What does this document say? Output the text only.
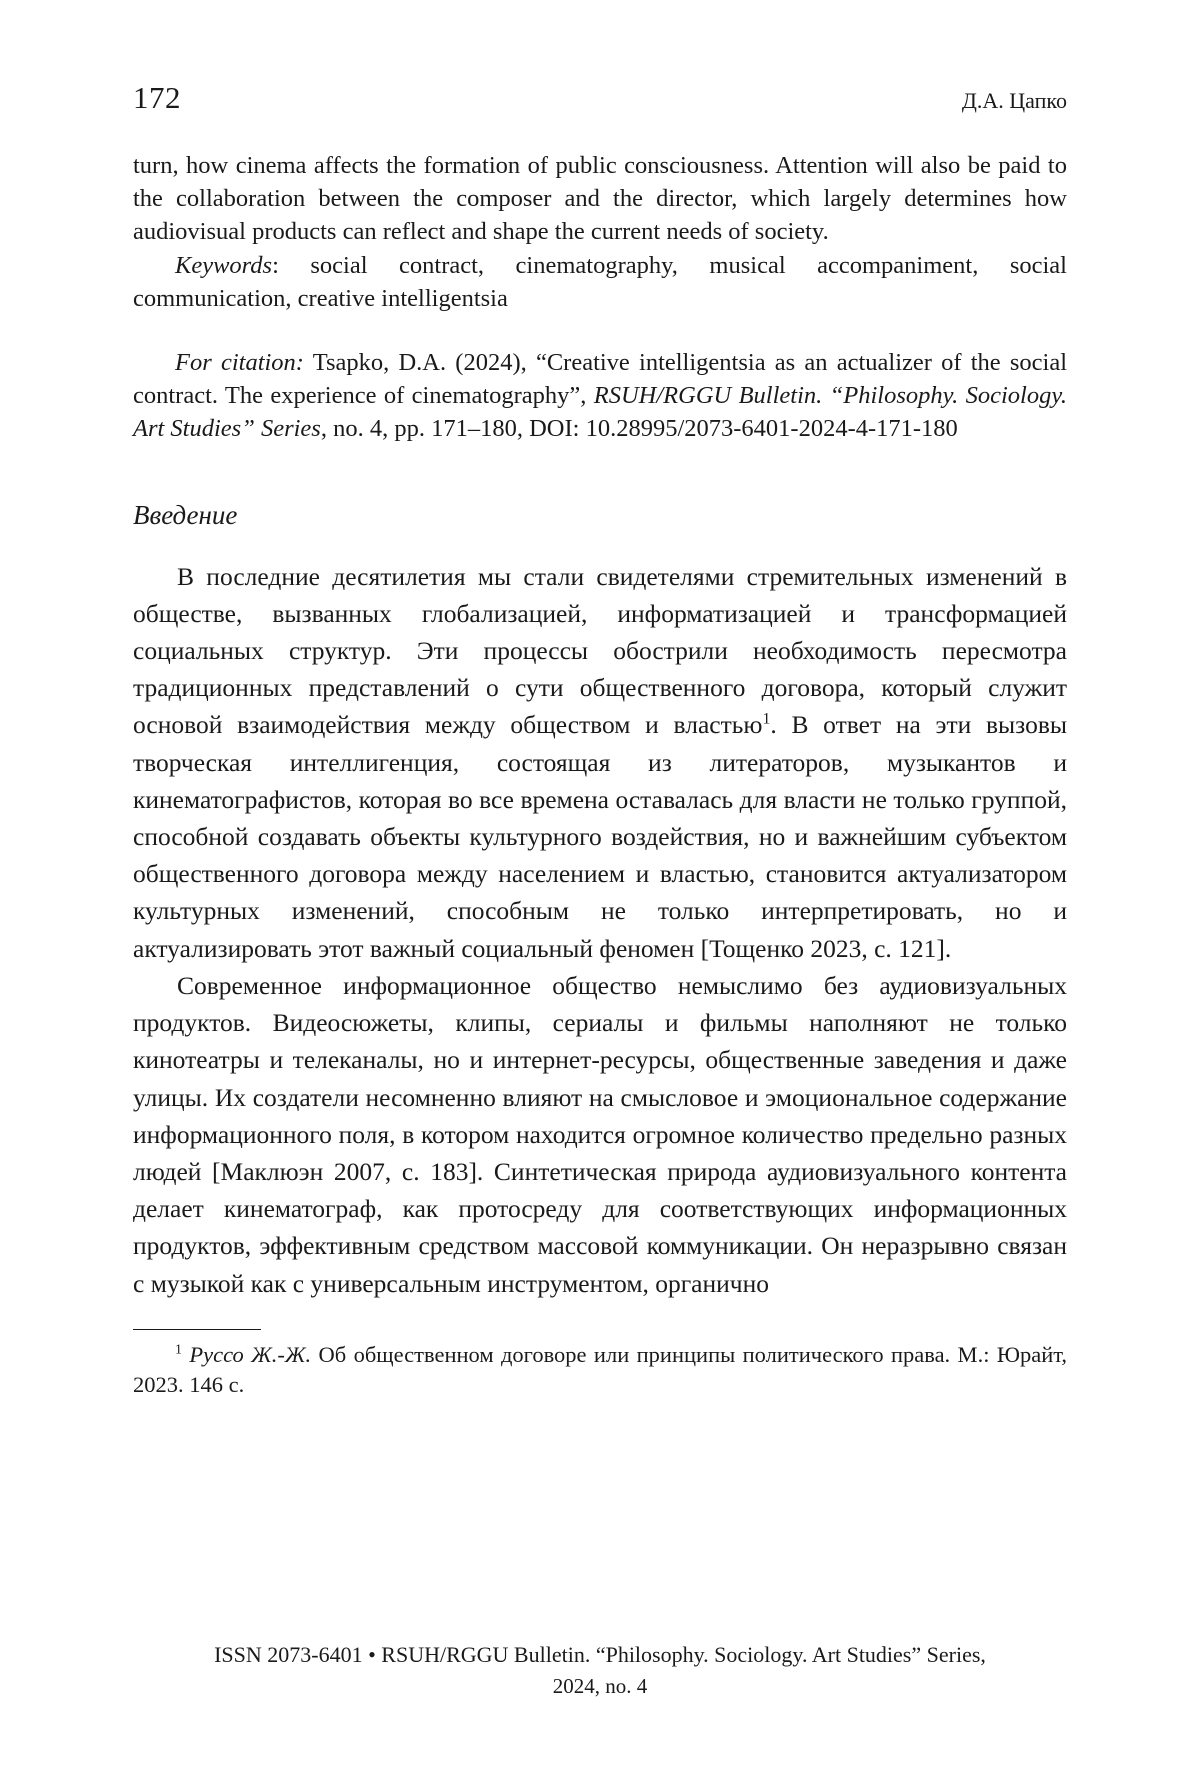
172	Д.А. Цапко

turn, how cinema affects the formation of public consciousness. Attention will also be paid to the collaboration between the composer and the director, which largely determines how audiovisual products can reflect and shape the current needs of society.

Keywords: social contract, cinematography, musical accompaniment, social communication, creative intelligentsia

For citation: Tsapko, D.A. (2024), “Creative intelligentsia as an actualizer of the social contract. The experience of cinematography”, RSUH/RGGU Bulletin. “Philosophy. Sociology. Art Studies” Series, no. 4, pp. 171–180, DOI: 10.28995/2073-6401-2024-4-171-180
Введение

В последние десятилетия мы стали свидетелями стремительных изменений в обществе, вызванных глобализацией, информатизацией и трансформацией социальных структур. Эти процессы обострили необходимость пересмотра традиционных представлений о сути общественного договора, который служит основой взаимодействия между обществом и властью$^1$. В ответ на эти вызовы творческая интеллигенция, состоящая из литераторов, музыкантов и кинематографистов, которая во все времена оставалась для власти не только группой, способной создавать объекты культурного воздействия, но и важнейшим субъектом общественного договора между населением и властью, становится актуализатором культурных изменений, способным не только интерпретировать, но и актуализировать этот важный социальный феномен [Тощенко 2023, с. 121].

Современное информационное общество немыслимо без аудиовизуальных продуктов. Видеосюжеты, клипы, сериалы и фильмы наполняют не только кинотеатры и телеканалы, но и интернет-ресурсы, общественные заведения и даже улицы. Их создатели несомненно влияют на смысловое и эмоциональное содержание информационного поля, в котором находится огромное количество предельно разных людей [Маклюэн 2007, с. 183]. Синтетическая природа аудиовизуального контента делает кинематограф, как протосреду для соответствующих информационных продуктов, эффективным средством массовой коммуникации. Он неразрывно связан с музыкой как с универсальным инструментом, органично

$^1$ Руссо Ж.-Ж. Об общественном договоре или принципы политического права. М.: Юрайт, 2023. 146 с.
ISSN 2073-6401 • RSUH/RGGU Bulletin. “Philosophy. Sociology. Art Studies” Series,
2024, no. 4
